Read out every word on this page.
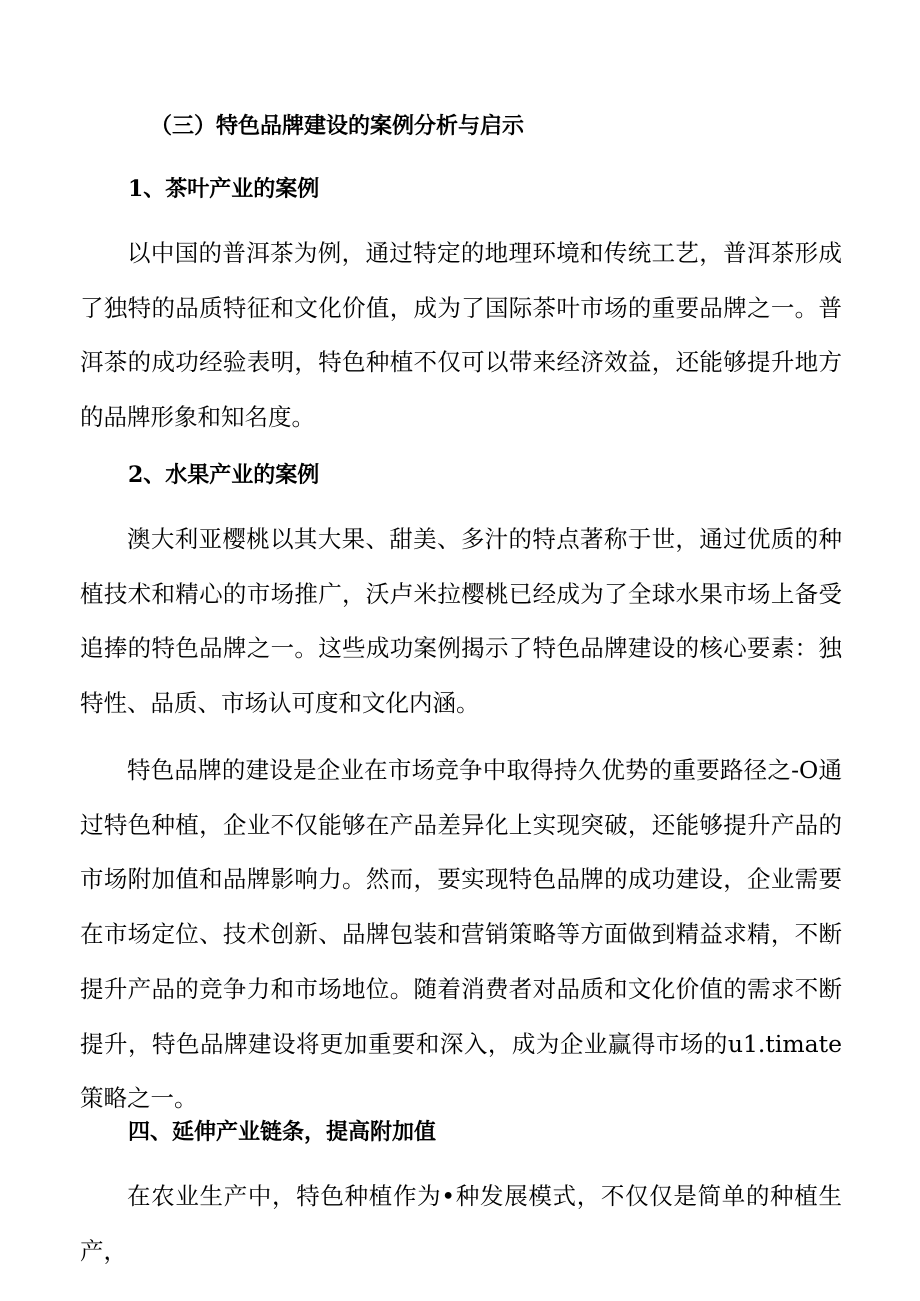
（三）特色品牌建设的案例分析与启示
1、茶叶产业的案例

以中国的普洱茶为例，通过特定的地理环境和传统工艺，普洱茶形成了独特的品质特征和文化价值，成为了国际茶叶市场的重要品牌之一。普洱茶的成功经验表明，特色种植不仅可以带来经济效益，还能够提升地方的品牌形象和知名度。

2、水果产业的案例

澳大利亚樱桃以其大果、甜美、多汁的特点著称于世，通过优质的种植技术和精心的市场推广，沃卢米拉樱桃已经成为了全球水果市场上备受追捧的特色品牌之一。这些成功案例揭示了特色品牌建设的核心要素：独特性、品质、市场认可度和文化内涵。

特色品牌的建设是企业在市场竞争中取得持久优势的重要路径之-O通过特色种植，企业不仅能够在产品差异化上实现突破，还能够提升产品的市场附加值和品牌影响力。然而，要实现特色品牌的成功建设，企业需要在市场定位、技术创新、品牌包装和营销策略等方面做到精益求精，不断提升产品的竞争力和市场地位。随着消费者对品质和文化价值的需求不断提升，特色品牌建设将更加重要和深入，成为企业赢得市场的u1.timate策略之一。

四、延伸产业链条，提高附加值

在农业生产中，特色种植作为•种发展模式，不仅仅是简单的种植生产，
